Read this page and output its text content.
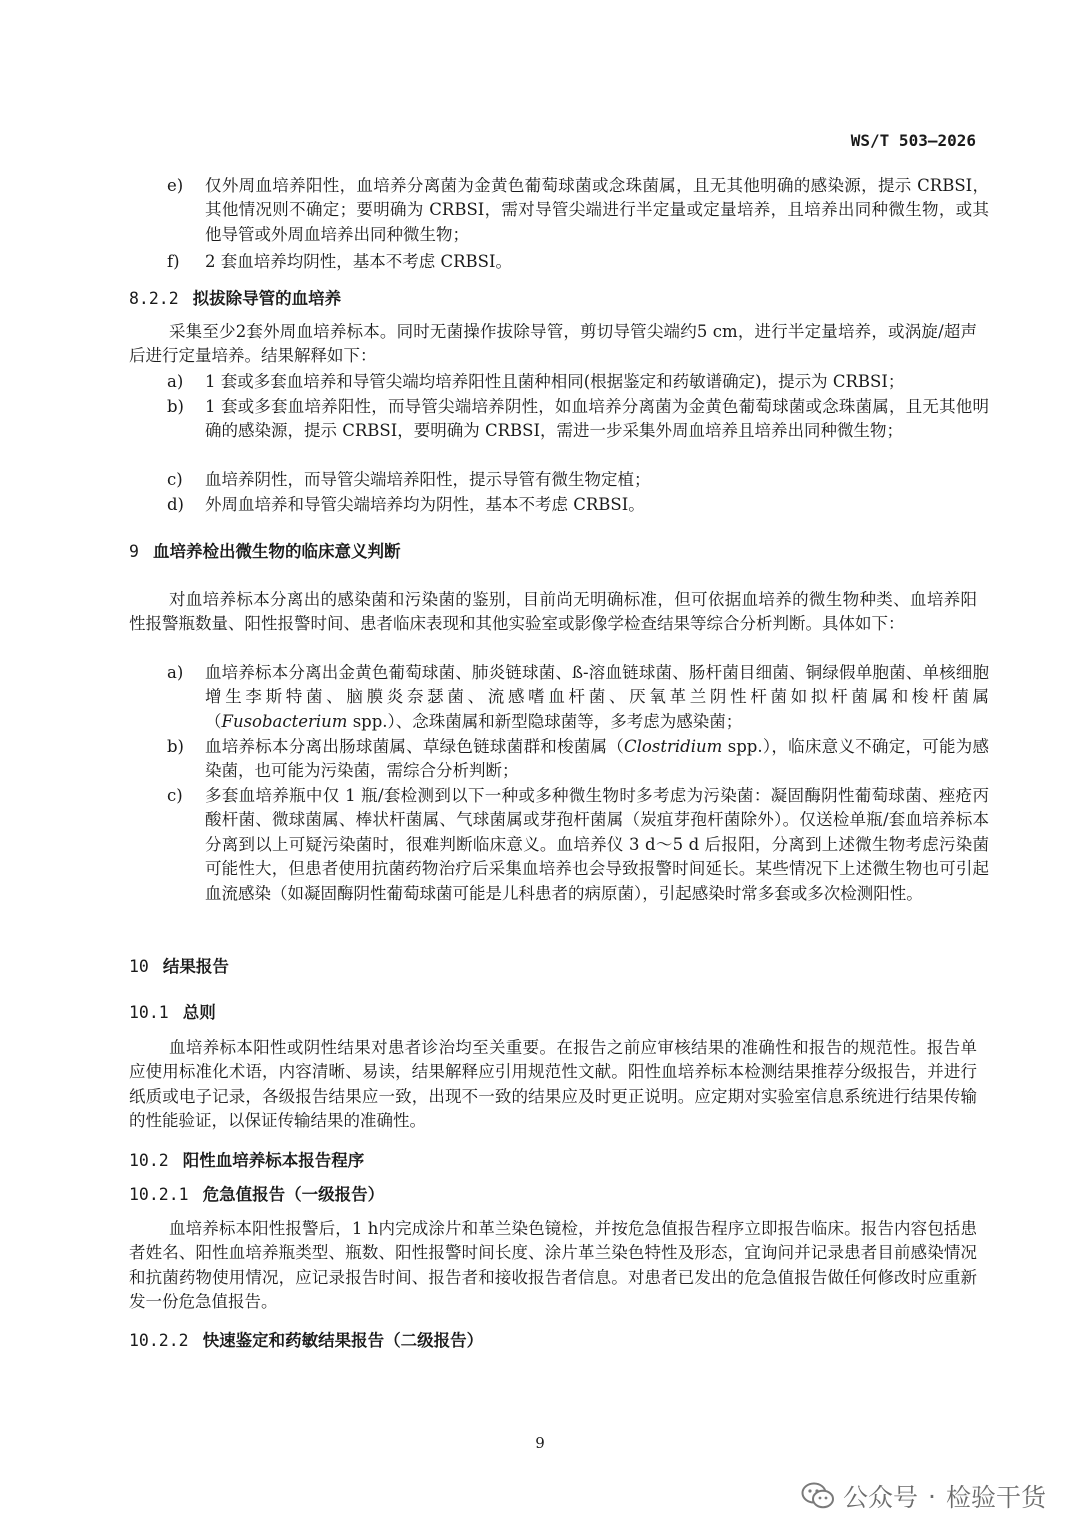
WS/T 503—2026
e)	仅外周血培养阳性，血培养分离菌为金黄色葡萄球菌或念珠菌属，且无其他明确的感染源，提示 CRBSI，其他情况则不确定；要明确为 CRBSI，需对导管尖端进行半定量或定量培养，且培养出同种微生物，或其他导管或外周血培养出同种微生物；
f)	2 套血培养均阴性，基本不考虑 CRBSI。
8.2.2 拟拔除导管的血培养
采集至少2套外周血培养标本。同时无菌操作拔除导管，剪切导管尖端约5 cm，进行半定量培养，或涡旋/超声后进行定量培养。结果解释如下：
a)	1 套或多套血培养和导管尖端均培养阳性且菌种相同(根据鉴定和药敏谱确定)，提示为 CRBSI；
b)	1 套或多套血培养阳性，而导管尖端培养阴性，如血培养分离菌为金黄色葡萄球菌或念珠菌属，且无其他明确的感染源，提示 CRBSI，要明确为 CRBSI，需进一步采集外周血培养且培养出同种微生物；
c)	血培养阴性，而导管尖端培养阳性，提示导管有微生物定植；
d)	外周血培养和导管尖端培养均为阴性，基本不考虑 CRBSI。
9 血培养检出微生物的临床意义判断
对血培养标本分离出的感染菌和污染菌的鉴别，目前尚无明确标准，但可依据血培养的微生物种类、血培养阳性报警瓶数量、阳性报警时间、患者临床表现和其他实验室或影像学检查结果等综合分析判断。具体如下：
a)	血培养标本分离出金黄色葡萄球菌、肺炎链球菌、ß-溶血链球菌、肠杆菌目细菌、铜绿假单胞菌、单核细胞增生李斯特菌、脑膜炎奈瑟菌、流感嗜血杆菌、厌氧革兰阴性杆菌如拟杆菌属和梭杆菌属（Fusobacterium spp.）、念珠菌属和新型隐球菌等，多考虑为感染菌；
b)	血培养标本分离出肠球菌属、草绿色链球菌群和梭菌属（Clostridium spp.），临床意义不确定，可能为感染菌，也可能为污染菌，需综合分析判断；
c)	多套血培养瓶中仅 1 瓶/套检测到以下一种或多种微生物时多考虑为污染菌：凝固酶阴性葡萄球菌、痤疮丙酸杆菌、微球菌属、棒状杆菌属、气球菌属或芽孢杆菌属（炭疽芽孢杆菌除外）。仅送检单瓶/套血培养标本分离到以上可疑污染菌时，很难判断临床意义。血培养仪 3 d～5 d 后报阳，分离到上述微生物考虑污染菌可能性大，但患者使用抗菌药物治疗后采集血培养也会导致报警时间延长。某些情况下上述微生物也可引起血流感染（如凝固酶阴性葡萄球菌可能是儿科患者的病原菌），引起感染时常多套或多次检测阳性。
10 结果报告
10.1 总则
血培养标本阳性或阴性结果对患者诊治均至关重要。在报告之前应审核结果的准确性和报告的规范性。报告单应使用标准化术语，内容清晰、易读，结果解释应引用规范性文献。阳性血培养标本检测结果推荐分级报告，并进行纸质或电子记录，各级报告结果应一致，出现不一致的结果应及时更正说明。应定期对实验室信息系统进行结果传输的性能验证，以保证传输结果的准确性。
10.2 阳性血培养标本报告程序
10.2.1 危急值报告（一级报告）
血培养标本阳性报警后，1 h内完成涂片和革兰染色镜检，并按危急值报告程序立即报告临床。报告内容包括患者姓名、阳性血培养瓶类型、瓶数、阳性报警时间长度、涂片革兰染色特性及形态，宜询问并记录患者目前感染情况和抗菌药物使用情况，应记录报告时间、报告者和接收报告者信息。对患者已发出的危急值报告做任何修改时应重新发一份危急值报告。
10.2.2 快速鉴定和药敏结果报告（二级报告）
9
公众号 · 检验干货
